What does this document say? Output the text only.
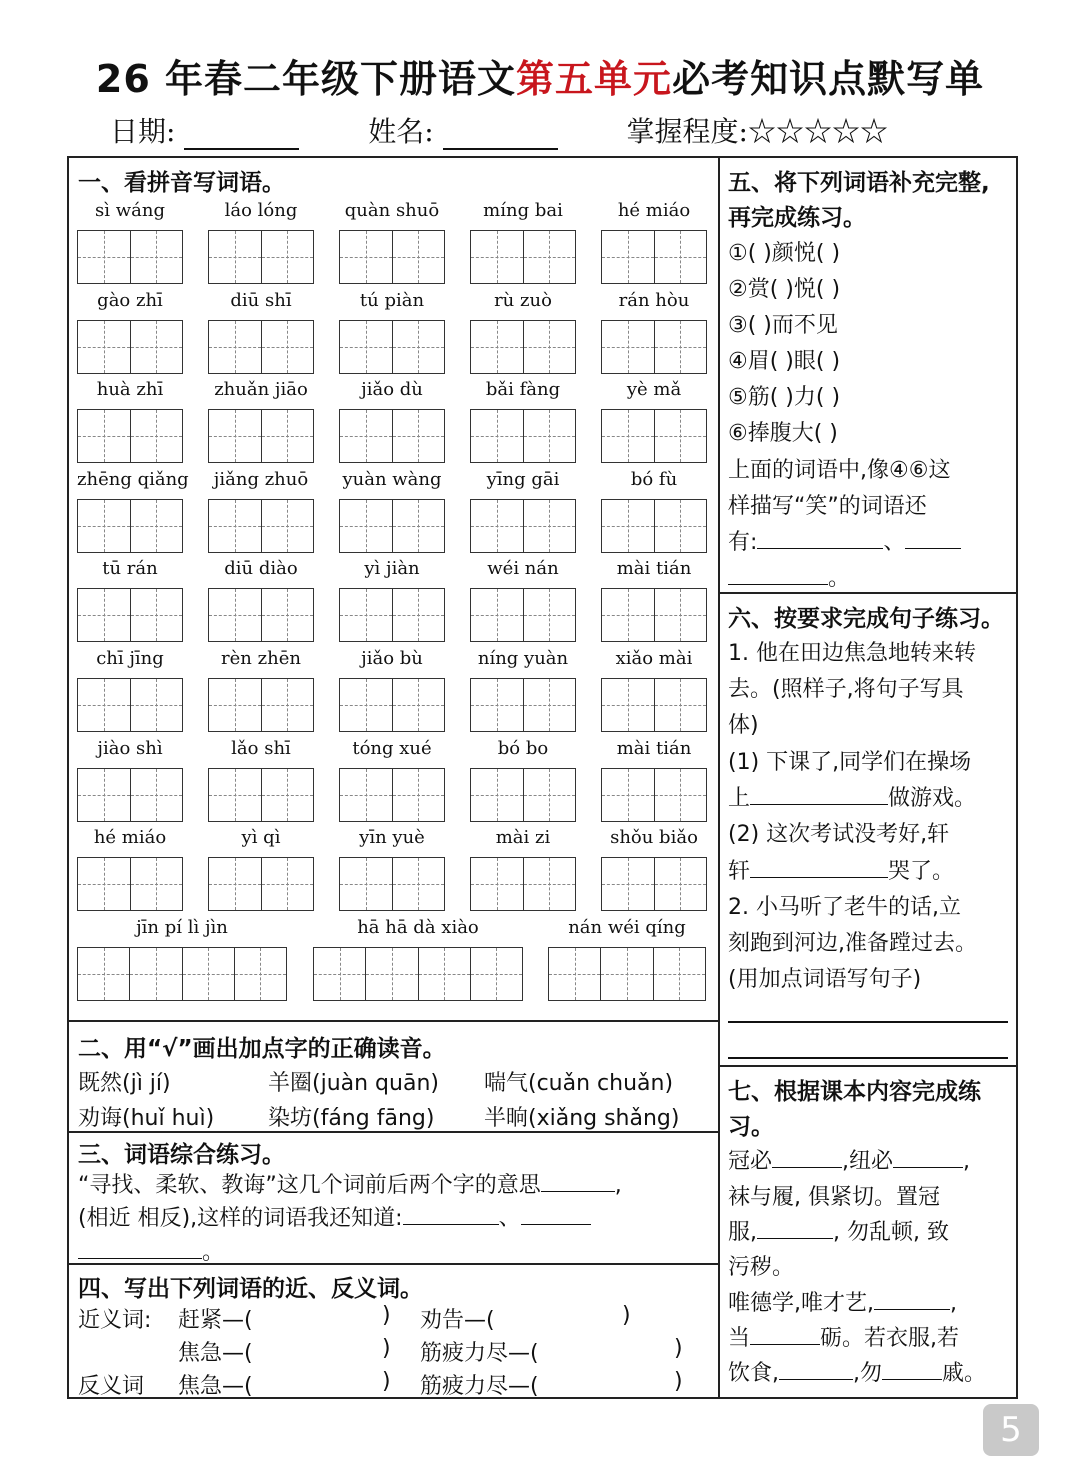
26 年春二年级下册语文第五单元必考知识点默写单
日期:	姓名:	掌握程度:☆☆☆☆☆
一、看拼音写词语。
sì wáng	láo lóng	quàn shuō	míng bai	hé miáo
gào zhī	diū shī	tú piàn	rù zuò	rán hòu
huà zhī	zhuǎn jiāo	jiǎo dù	bǎi fàng	yè mǎ
zhēng qiǎng	jiǎng zhuō	yuàn wàng	yīng gāi	bó fù
tū rán	diū diào	yì jiàn	wéi nán	mài tián
chī jīng	rèn zhēn	jiǎo bù	níng yuàn	xiǎo mài
jiào shì	lǎo shī	tóng xué	bó bo	mài tián
hé miáo	yì qì	yīn yuè	mài zi	shǒu biǎo
jīn pí lì jìn	hā hā dà xiào	nán wéi qíng
二、用“√”画出加点字的正确读音。
既然(jì jí)	羊圈(juàn quān) 喘气(cuǎn chuǎn)
劝诲(huǐ huì) 染坊(fáng fāng) 半晌(xiǎng shǎng)
三、词语综合练习。
“寻找、柔软、教诲”这几个词前后两个字的意思	,
(相近 相反),这样的词语我还知道:	、
。
四、写出下列词语的近、反义词。
近义词: 赶紧—(	) 劝告—(	)
焦急—(	) 筋疲力尽—(	)
反义词 焦急—(	) 筋疲力尽—(	)
五、将下列词语补充完整,
再完成练习。
①( )颜悦( )
②赏( )悦( )
③( )而不见
④眉( )眼( )
⑤筋( )力( )
⑥捧腹大( )
上面的词语中,像④⑥这
样描写“笑”的词语还
有:	、
。
六、按要求完成句子练习。
1. 他在田边焦急地转来转
去。(照样子,将句子写具
体)
(1) 下课了,同学们在操场
上	做游戏。
(2) 这次考试没考好,轩
轩	哭了。
2. 小马听了老牛的话,立
刻跑到河边,准备蹚过去。
(用加点词语写句子)
七、根据课本内容完成练
习。
冠必	,纽必	,
袜与履, 俱紧切。置冠
服,	, 勿乱顿, 致
污秽。
唯德学,唯才艺,	,
当	砺。若衣服,若
饮食,	,勿	戚。
5
